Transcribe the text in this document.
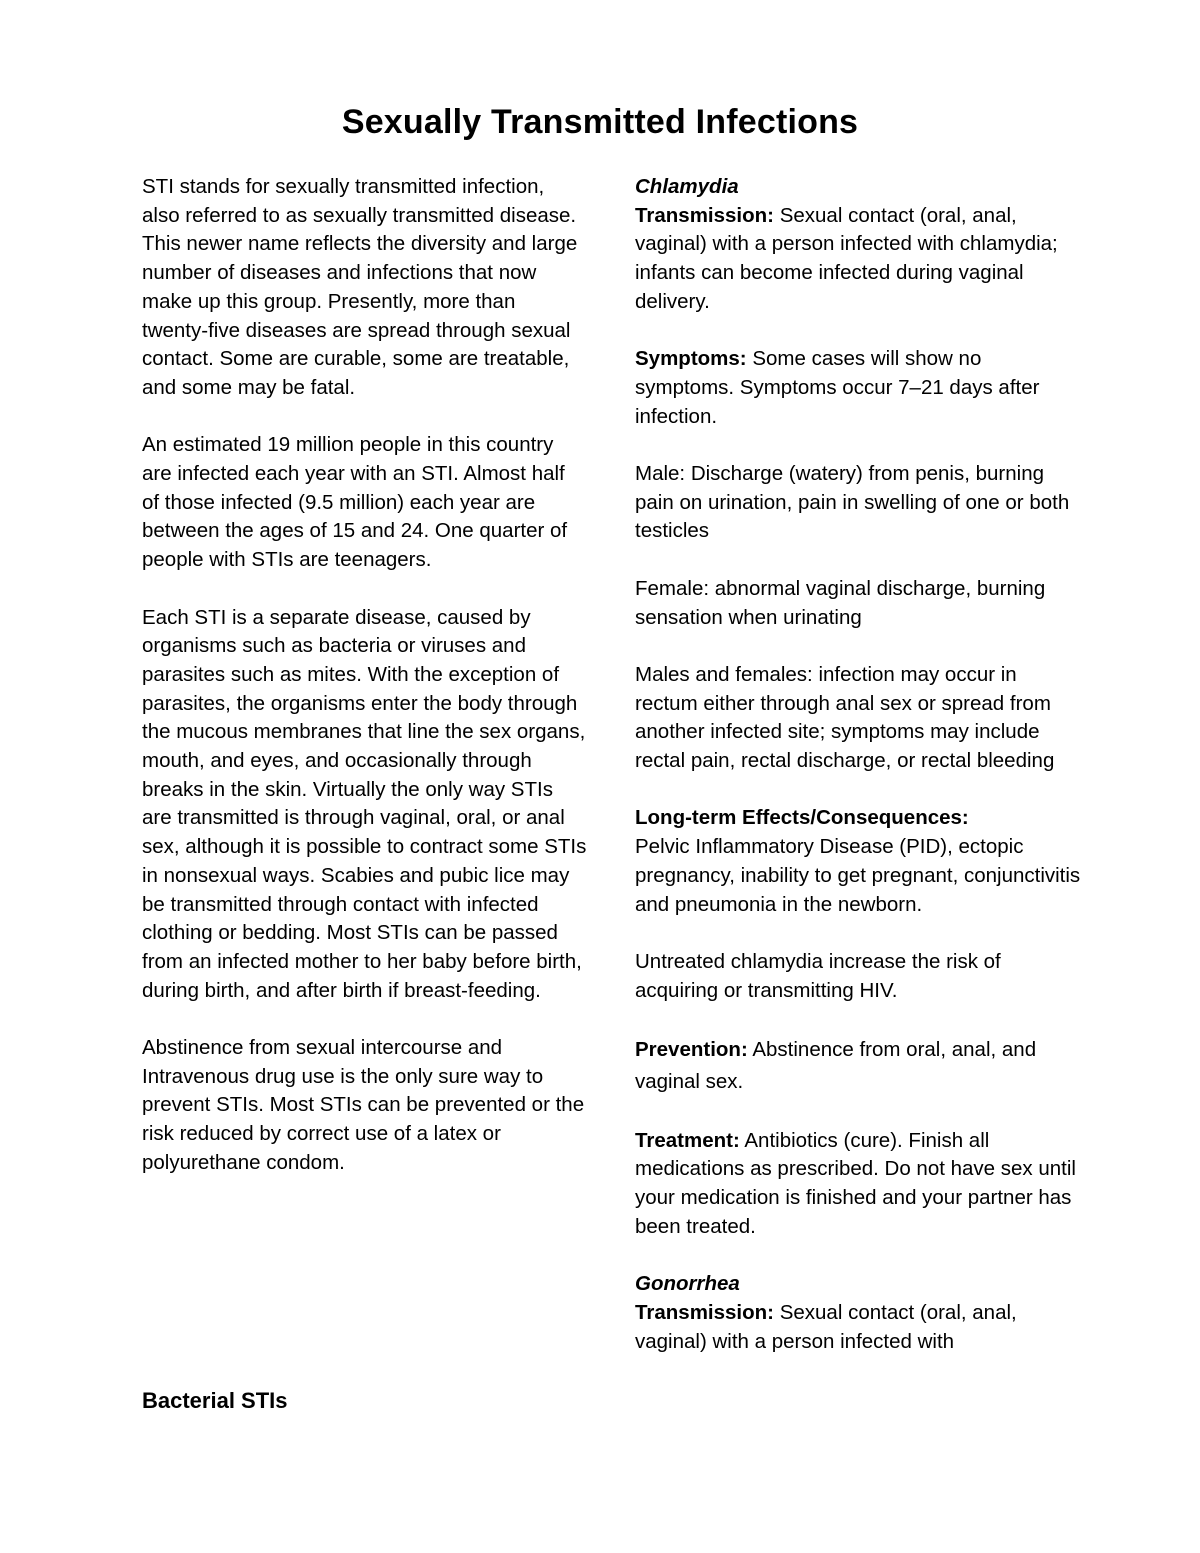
Sexually Transmitted Infections

STI stands for sexually transmitted infection, also referred to as sexually transmitted disease. This newer name reflects the diversity and large number of diseases and infections that now make up this group. Presently, more than twenty-five diseases are spread through sexual contact. Some are curable, some are treatable, and some may be fatal.

An estimated 19 million people in this country are infected each year with an STI. Almost half of those infected (9.5 million) each year are between the ages of 15 and 24. One quarter of people with STIs are teenagers.

Each STI is a separate disease, caused by organisms such as bacteria or viruses and parasites such as mites. With the exception of parasites, the organisms enter the body through the mucous membranes that line the sex organs, mouth, and eyes, and occasionally through breaks in the skin. Virtually the only way STIs are transmitted is through vaginal, oral, or anal sex, although it is possible to contract some STIs in nonsexual ways. Scabies and pubic lice may be transmitted through contact with infected clothing or bedding. Most STIs can be passed from an infected mother to her baby before birth, during birth, and after birth if breast-feeding.

Abstinence from sexual intercourse and Intravenous drug use is the only sure way to prevent STIs. Most STIs can be prevented or the risk reduced by correct use of a latex or polyurethane condom.

Bacterial STIs
Chlamydia

Transmission: Sexual contact (oral, anal, vaginal) with a person infected with chlamydia; infants can become infected during vaginal delivery.

Symptoms: Some cases will show no symptoms. Symptoms occur 7–21 days after infection.

Male: Discharge (watery) from penis, burning pain on urination, pain in swelling of one or both testicles

Female: abnormal vaginal discharge, burning sensation when urinating

Males and females: infection may occur in rectum either through anal sex or spread from another infected site; symptoms may include rectal pain, rectal discharge, or rectal bleeding

Long-term Effects/Consequences:
Pelvic Inflammatory Disease (PID), ectopic pregnancy, inability to get pregnant, conjunctivitis and pneumonia in the newborn.

Untreated chlamydia increase the risk of acquiring or transmitting HIV.

Prevention: Abstinence from oral, anal, and vaginal sex.

Treatment: Antibiotics (cure). Finish all medications as prescribed. Do not have sex until your medication is finished and your partner has been treated.

Gonorrhea

Transmission: Sexual contact (oral, anal, vaginal) with a person infected with
